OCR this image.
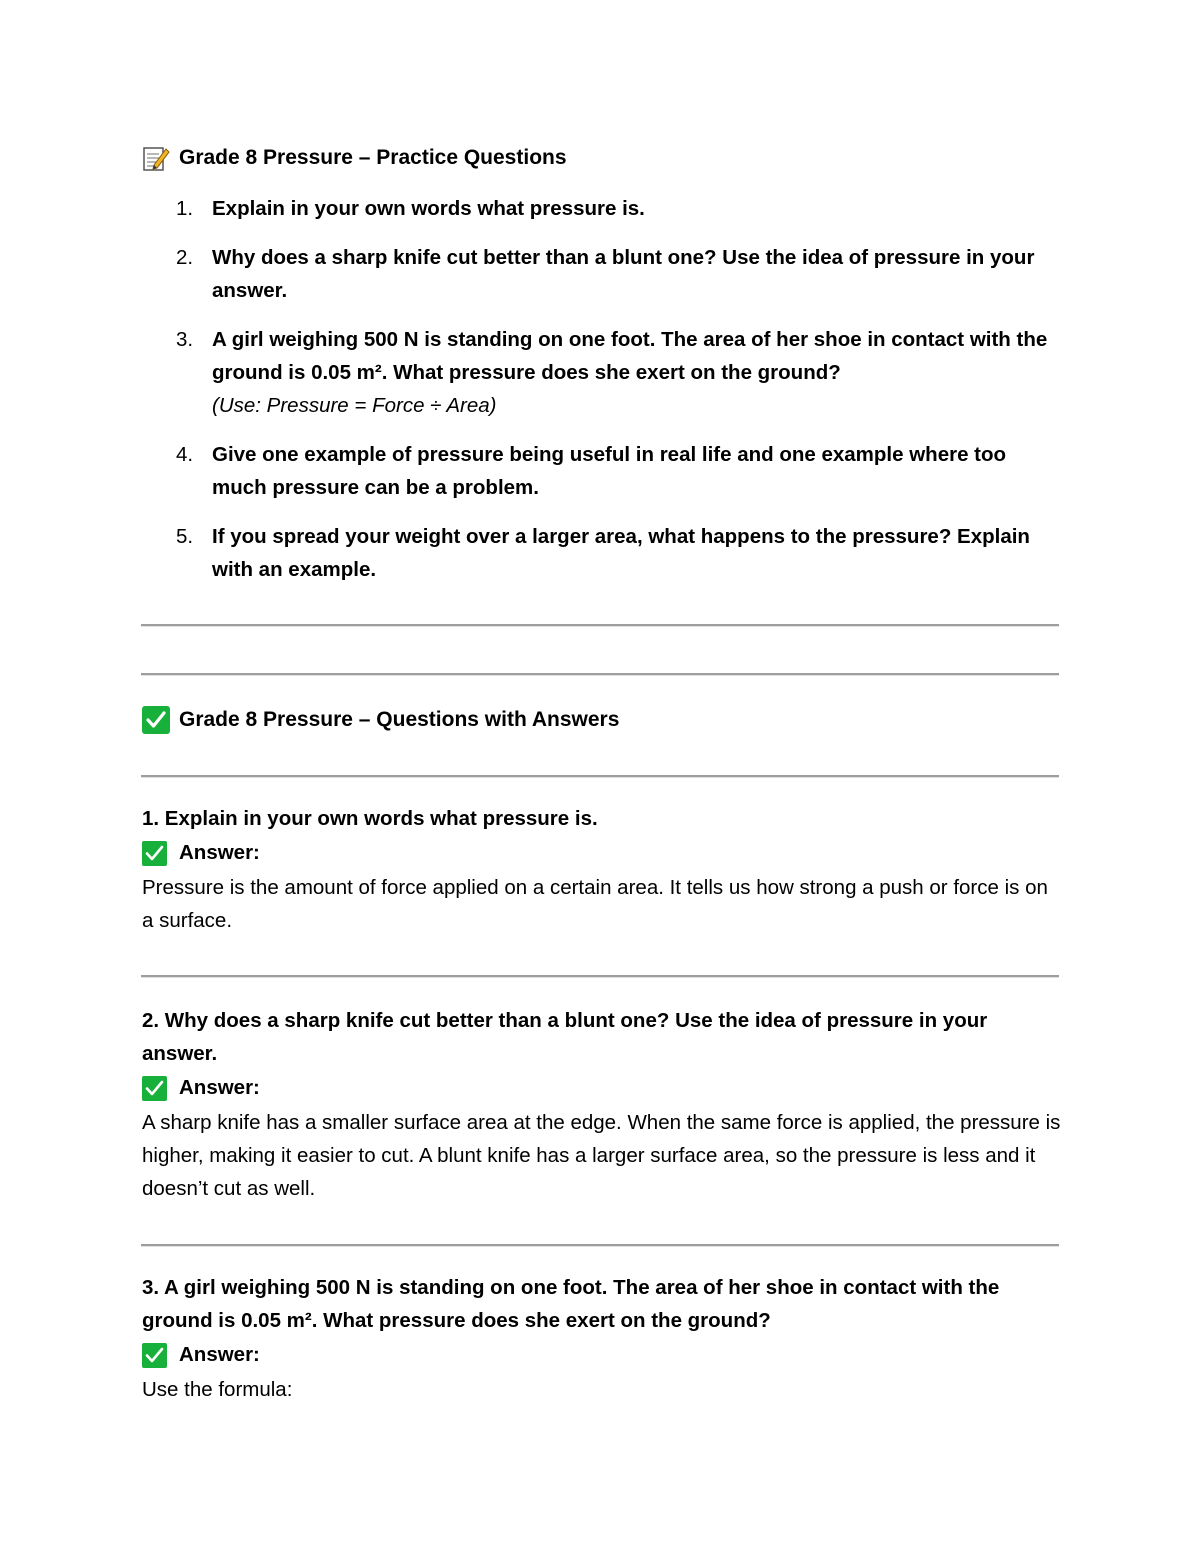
Grade 8 Pressure – Practice Questions
1. Explain in your own words what pressure is.
2. Why does a sharp knife cut better than a blunt one? Use the idea of pressure in your answer.
3. A girl weighing 500 N is standing on one foot. The area of her shoe in contact with the ground is 0.05 m². What pressure does she exert on the ground?
(Use: Pressure = Force ÷ Area)
4. Give one example of pressure being useful in real life and one example where too much pressure can be a problem.
5. If you spread your weight over a larger area, what happens to the pressure? Explain with an example.
Grade 8 Pressure – Questions with Answers
1. Explain in your own words what pressure is.
Answer:
Pressure is the amount of force applied on a certain area. It tells us how strong a push or force is on a surface.
2. Why does a sharp knife cut better than a blunt one? Use the idea of pressure in your answer.
Answer:
A sharp knife has a smaller surface area at the edge. When the same force is applied, the pressure is higher, making it easier to cut. A blunt knife has a larger surface area, so the pressure is less and it doesn’t cut as well.
3. A girl weighing 500 N is standing on one foot. The area of her shoe in contact with the ground is 0.05 m². What pressure does she exert on the ground?
Answer:
Use the formula:
